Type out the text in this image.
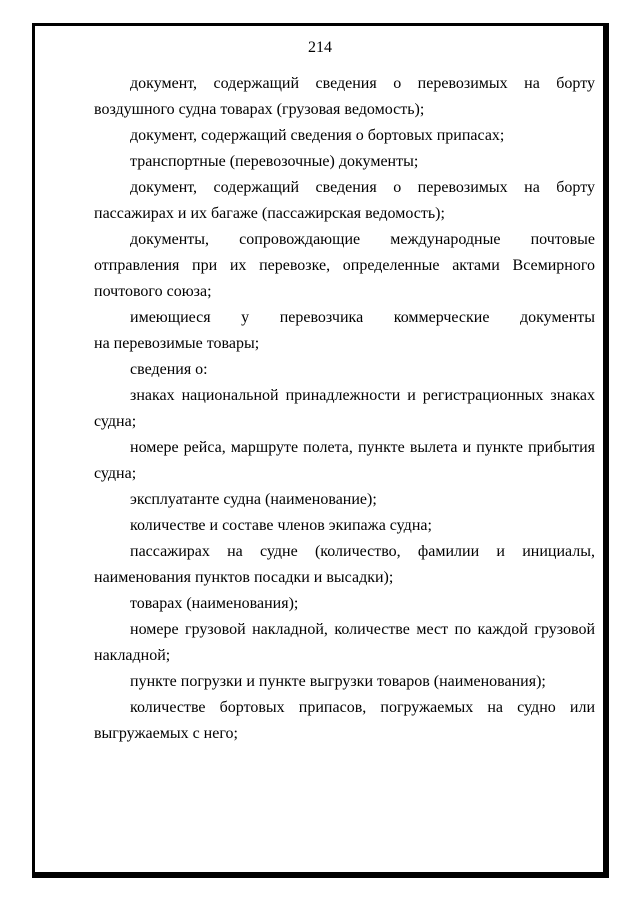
214

документ, содержащий сведения о перевозимых на борту
воздушного судна товарах (грузовая ведомость);

документ, содержащий сведения о бортовых припасах;

транспортные (перевозочные) документы;

документ, содержащий сведения о перевозимых на борту
пассажирах и их багаже (пассажирская ведомость);

документы, сопровождающие международные почтовые
отправления при их перевозке, определенные актами Всемирного
почтового союза;

имеющиеся у перевозчика коммерческие документы
на перевозимые товары;

сведения о:

знаках национальной принадлежности и регистрационных знаках
судна;

номере рейса, маршруте полета, пункте вылета и пункте прибытия
судна;

эксплуатанте судна (наименование);

количестве и составе членов экипажа судна;

пассажирах на судне (количество, фамилии и инициалы,
наименования пунктов посадки и высадки);

товарах (наименования);

номере грузовой накладной, количестве мест по каждой грузовой
накладной;

пункте погрузки и пункте выгрузки товаров (наименования);

количестве бортовых припасов, погружаемых на судно или
выгружаемых с него;
